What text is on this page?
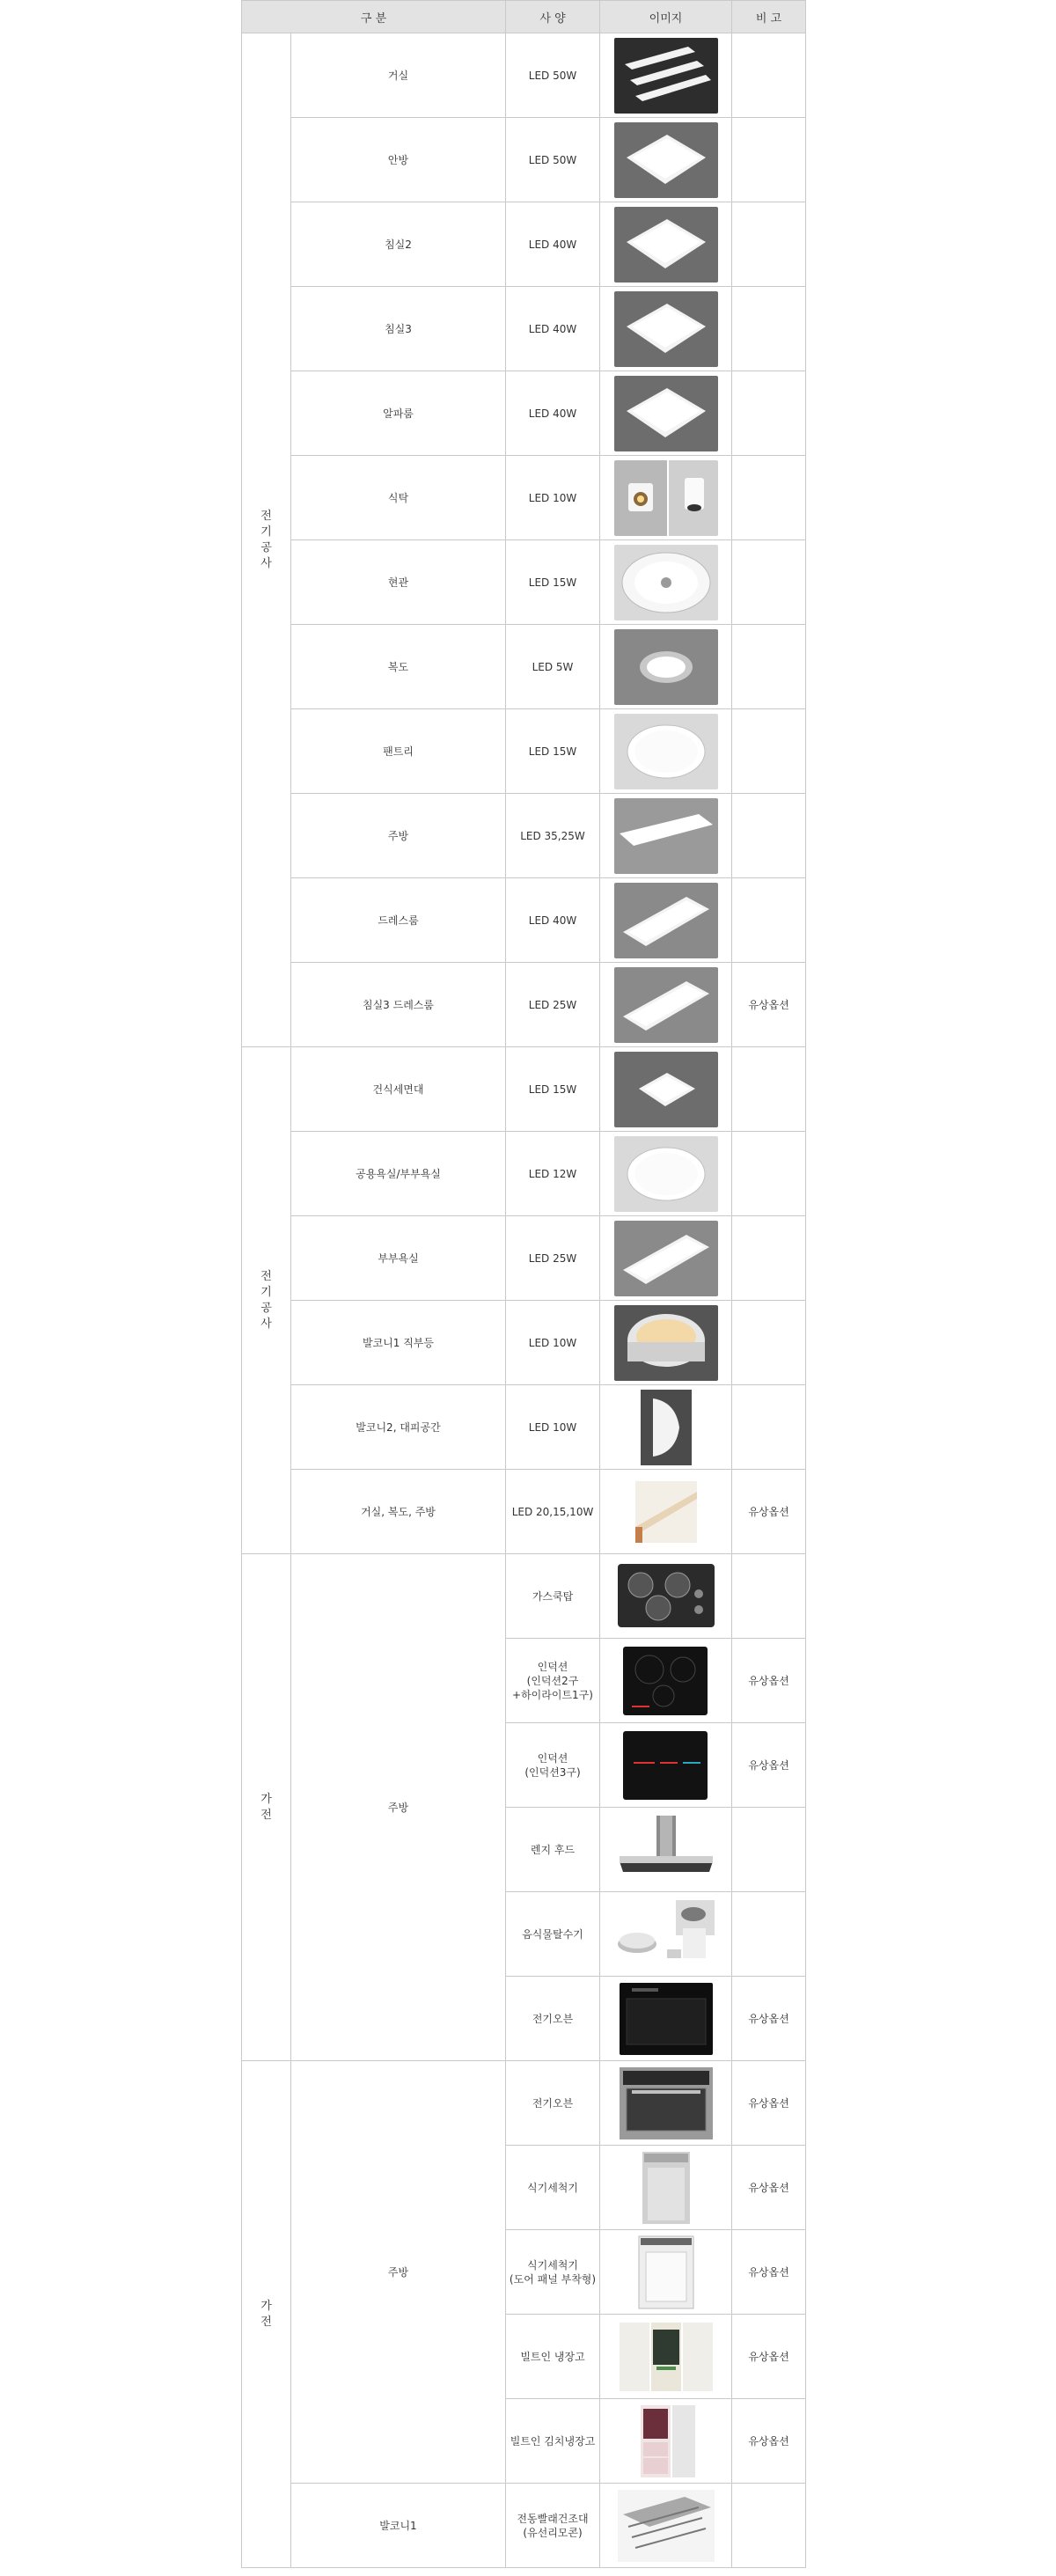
구 분		사 양	이미지	비 고

전
기
공
사	거실	LED 50W	

	안방	LED 50W	

	침실2	LED 40W	

	침실3	LED 40W	

	알파룸	LED 40W	

	식탁	LED 10W	

	현관	LED 15W	

	복도	LED 5W	

	팬트리	LED 15W	

	주방	LED 35,25W	

	드레스룸	LED 40W	

	침실3 드레스룸	LED 25W		유상옵션

전
기
공
사	건식세면대	LED 15W	

	공용욕실/부부욕실	LED 12W	

	부부욕실	LED 25W	

	발코니1 직부등	LED 10W	

	발코니2, 대피공간	LED 10W	

	거실, 복도, 주방	LED 20,15,10W		유상옵션

가
전	주방	가스쿡탑	

		인덕션
(인덕션2구
+하이라이트1구)		유상옵션
		인덕션
(인덕션3구)		유상옵션
		렌지 후드	

		음식물탈수기	

		전기오븐		유상옵션

가
전	주방	전기오븐		유상옵션
		식기세척기		유상옵션
		식기세척기
(도어 패널 부착형)		유상옵션
		빌트인 냉장고		유상옵션
		빌트인 김치냉장고		유상옵션
	발코니1	전동빨래건조대
(유선리모콘)	
